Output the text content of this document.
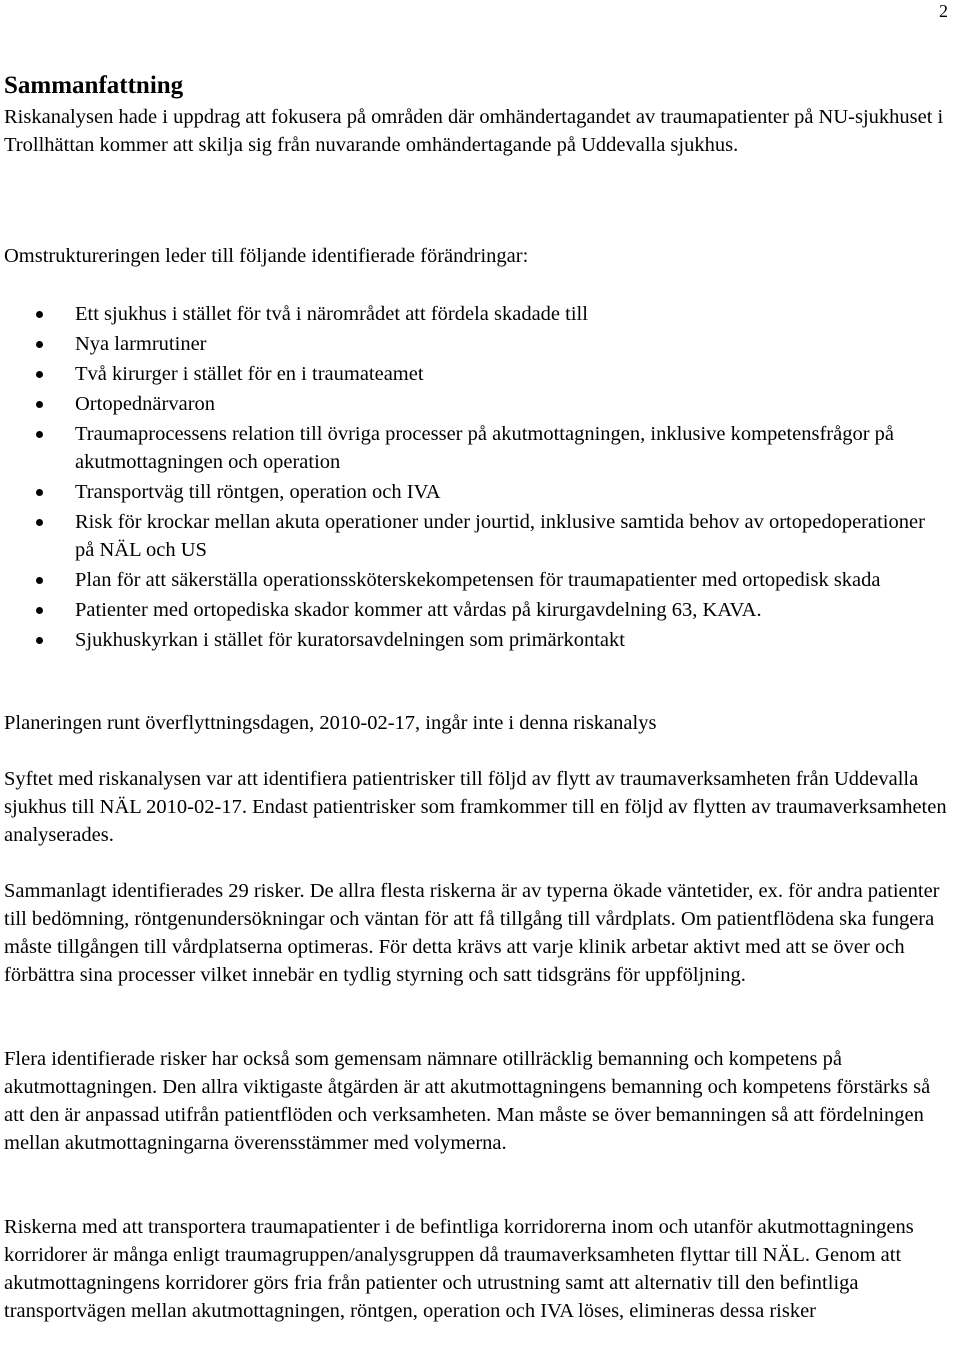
2
Sammanfattning

Riskanalysen hade i uppdrag att fokusera på områden där omhändertagandet av traumapatienter på NU-sjukhuset i Trollhättan kommer att skilja sig från nuvarande omhändertagande på Uddevalla sjukhus.

Omstruktureringen leder till följande identifierade förändringar:

Ett sjukhus i stället för två i närområdet att fördela skadade till
Nya larmrutiner
Två kirurger i stället för en i traumateamet
Ortopednärvaron
Traumaprocessens relation till övriga processer på akutmottagningen, inklusive kompetensfrågor på akutmottagningen och operation
Transportväg till röntgen, operation och IVA
Risk för krockar mellan akuta operationer under jourtid, inklusive samtida behov av ortopedoperationer på NÄL och US
Plan för att säkerställa operationssköterskekompetensen för traumapatienter med ortopedisk skada
Patienter med ortopediska skador kommer att vårdas på kirurgavdelning 63, KAVA.
Sjukhuskyrkan i stället för kuratorsavdelningen som primärkontakt

Planeringen runt överflyttningsdagen, 2010-02-17, ingår inte i denna riskanalys

Syftet med riskanalysen var att identifiera patientrisker till följd av flytt av traumaverksamheten från Uddevalla sjukhus till NÄL 2010-02-17. Endast patientrisker som framkommer till en följd av flytten av traumaverksamheten analyserades.

Sammanlagt identifierades 29 risker. De allra flesta riskerna är av typerna ökade väntetider, ex. för andra patienter till bedömning, röntgenundersökningar och väntan för att få tillgång till vårdplats. Om patientflödena ska fungera måste tillgången till vårdplatserna optimeras. För detta krävs att varje klinik arbetar aktivt med att se över och förbättra sina processer vilket innebär en tydlig styrning och satt tidsgräns för uppföljning.

Flera identifierade risker har också som gemensam nämnare otillräcklig bemanning och kompetens på akutmottagningen. Den allra viktigaste åtgärden är att akutmottagningens bemanning och kompetens förstärks så att den är anpassad utifrån patientflöden och verksamheten. Man måste se över bemanningen så att fördelningen mellan akutmottagningarna överensstämmer med volymerna.

Riskerna med att transportera traumapatienter i de befintliga korridorerna inom och utanför akutmottagningens korridorer är många enligt traumagruppen/analysgruppen då traumaverksamheten flyttar till NÄL. Genom att akutmottagningens korridorer görs fria från patienter och utrustning samt att alternativ till den befintliga transportvägen mellan akutmottagningen, röntgen, operation och IVA löses, elimineras dessa risker
